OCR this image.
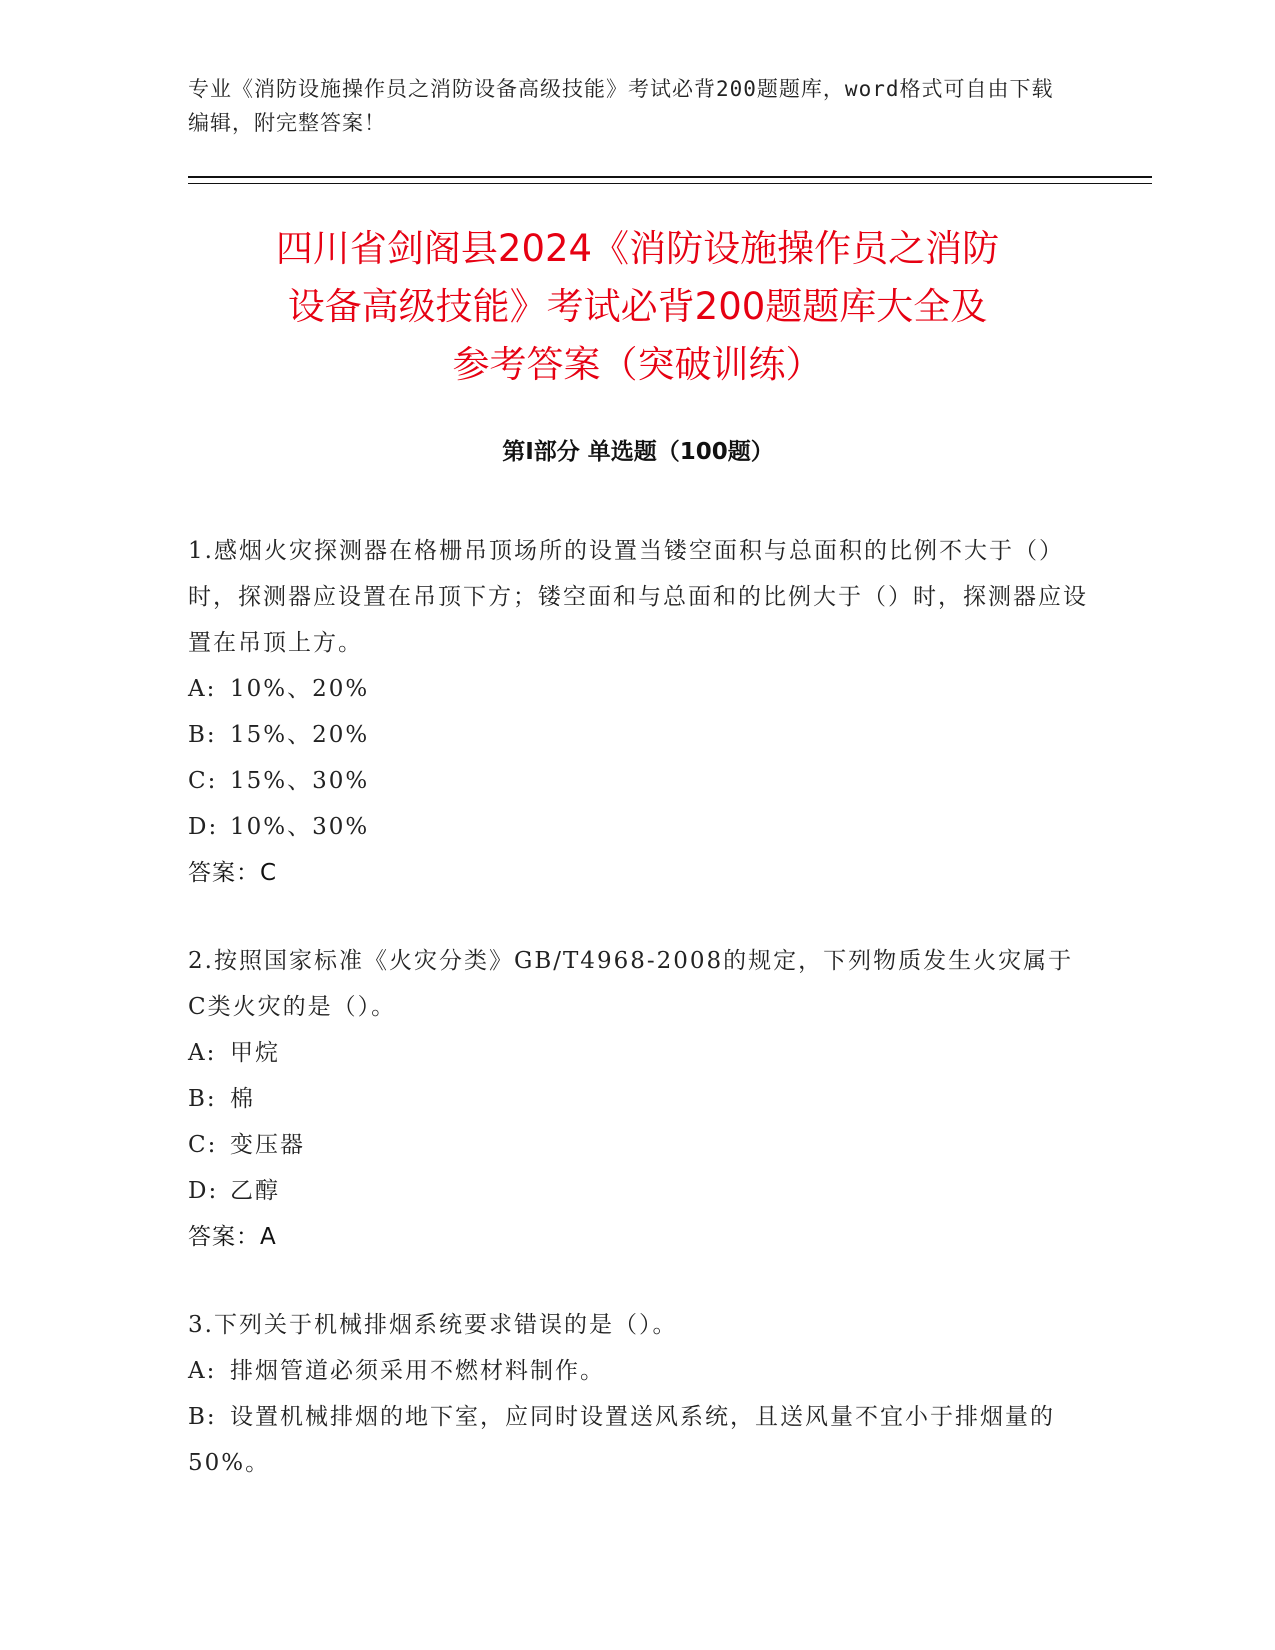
专业《消防设施操作员之消防设备高级技能》考试必背200题题库，word格式可自由下载编辑，附完整答案！
四川省剑阁县2024《消防设施操作员之消防
设备高级技能》考试必背200题题库大全及
参考答案（突破训练）
第Ⅰ部分 单选题（100题）
1.感烟火灾探测器在格栅吊顶场所的设置当镂空面积与总面积的比例不大于（）时，探测器应设置在吊顶下方；镂空面和与总面和的比例大于（）时，探测器应设置在吊顶上方。
A: 10%、20%
B: 15%、20%
C: 15%、30%
D: 10%、30%
答案：C
2.按照国家标准《火灾分类》GB/T4968-2008的规定，下列物质发生火灾属于C类火灾的是（）。
A: 甲烷
B: 棉
C: 变压器
D: 乙醇
答案：A
3.下列关于机械排烟系统要求错误的是（）。
A: 排烟管道必须采用不燃材料制作。
B: 设置机械排烟的地下室，应同时设置送风系统，且送风量不宜小于排烟量的50%。
